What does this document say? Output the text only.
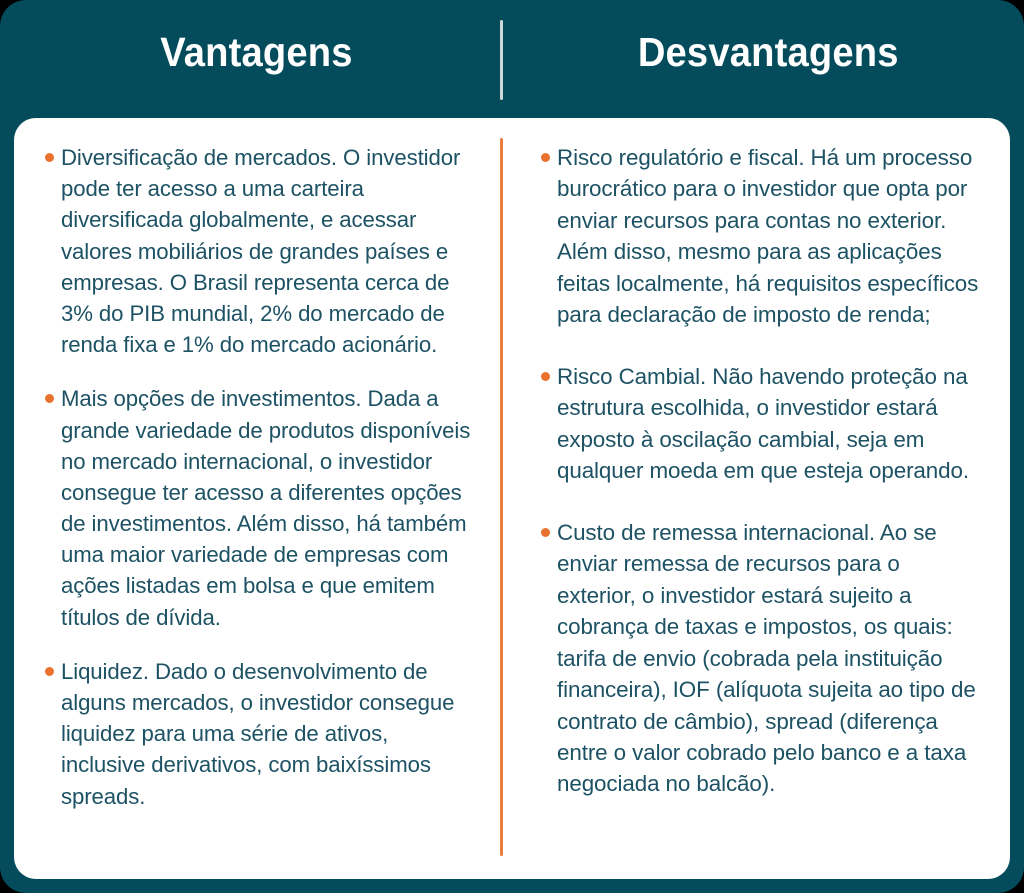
Vantagens	Desvantagens
Diversificação de mercados. O investidor pode ter acesso a uma carteira diversificada globalmente, e acessar valores mobiliários de grandes países e empresas. O Brasil representa cerca de 3% do PIB mundial, 2% do mercado de renda fixa e 1% do mercado acionário.
Mais opções de investimentos. Dada a grande variedade de produtos disponíveis no mercado internacional, o investidor consegue ter acesso a diferentes opções de investimentos. Além disso, há também uma maior variedade de empresas com ações listadas em bolsa e que emitem títulos de dívida.
Liquidez. Dado o desenvolvimento de alguns mercados, o investidor consegue liquidez para uma série de ativos, inclusive derivativos, com baixíssimos spreads.
Risco regulatório e fiscal. Há um processo burocrático para o investidor que opta por enviar recursos para contas no exterior. Além disso, mesmo para as aplicações feitas localmente, há requisitos específicos para declaração de imposto de renda;
Risco Cambial. Não havendo proteção na estrutura escolhida, o investidor estará exposto à oscilação cambial, seja em qualquer moeda em que esteja operando.
Custo de remessa internacional. Ao se enviar remessa de recursos para o exterior, o investidor estará sujeito a cobrança de taxas e impostos, os quais: tarifa de envio (cobrada pela instituição financeira), IOF (alíquota sujeita ao tipo de contrato de câmbio), spread (diferença entre o valor cobrado pelo banco e a taxa negociada no balcão).
